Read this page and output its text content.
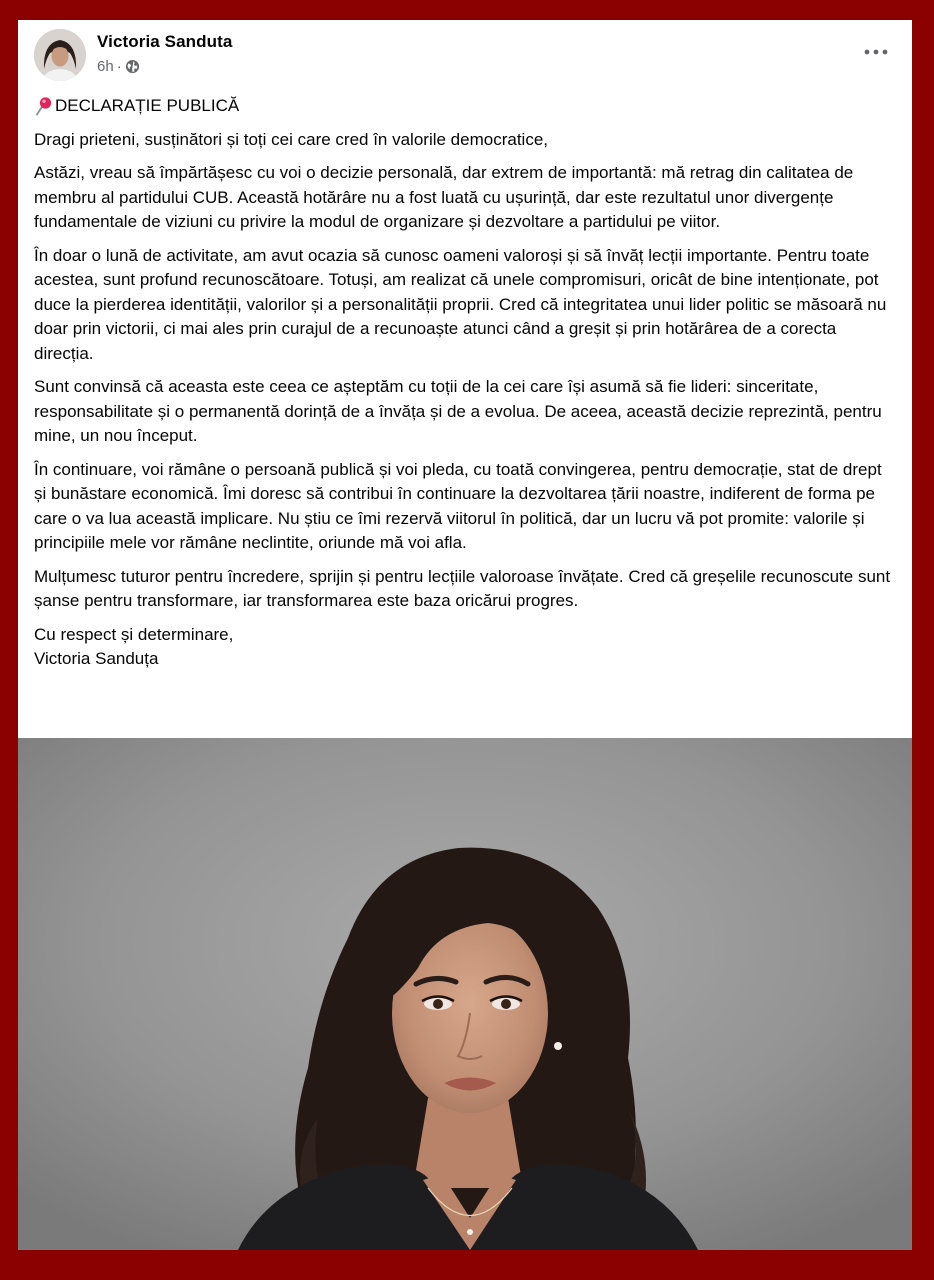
Victoria Sanduta
6h ·

DECLARAȚIE PUBLICĂ

Dragi prieteni, susținători și toți cei care cred în valorile democratice,

Astăzi, vreau să împărtășesc cu voi o decizie personală, dar extrem de importantă: mă retrag din calitatea de membru al partidului CUB. Această hotărâre nu a fost luată cu ușurință, dar este rezultatul unor divergențe fundamentale de viziuni cu privire la modul de organizare și dezvoltare a partidului pe viitor.

În doar o lună de activitate, am avut ocazia să cunosc oameni valoroși și să învăț lecții importante. Pentru toate acestea, sunt profund recunoscătoare. Totuși, am realizat că unele compromisuri, oricât de bine intenționate, pot duce la pierderea identității, valorilor și a personalității proprii. Cred că integritatea unui lider politic se măsoară nu doar prin victorii, ci mai ales prin curajul de a recunoaște atunci când a greșit și prin hotărârea de a corecta direcția.

Sunt convinsă că aceasta este ceea ce așteptăm cu toții de la cei care își asumă să fie lideri: sinceritate, responsabilitate și o permanentă dorință de a învăța și de a evolua. De aceea, această decizie reprezintă, pentru mine, un nou început.

În continuare, voi rămâne o persoană publică și voi pleda, cu toată convingerea, pentru democrație, stat de drept și bunăstare economică. Îmi doresc să contribui în continuare la dezvoltarea țării noastre, indiferent de forma pe care o va lua această implicare. Nu știu ce îmi rezervă viitorul în politică, dar un lucru vă pot promite: valorile și principiile mele vor rămâne neclintite, oriunde mă voi afla.

Mulțumesc tuturor pentru încredere, sprijin și pentru lecțiile valoroase învățate. Cred că greșelile recunoscute sunt șanse pentru transformare, iar transformarea este baza oricărui progres.

Cu respect și determinare,
Victoria Sanduța
